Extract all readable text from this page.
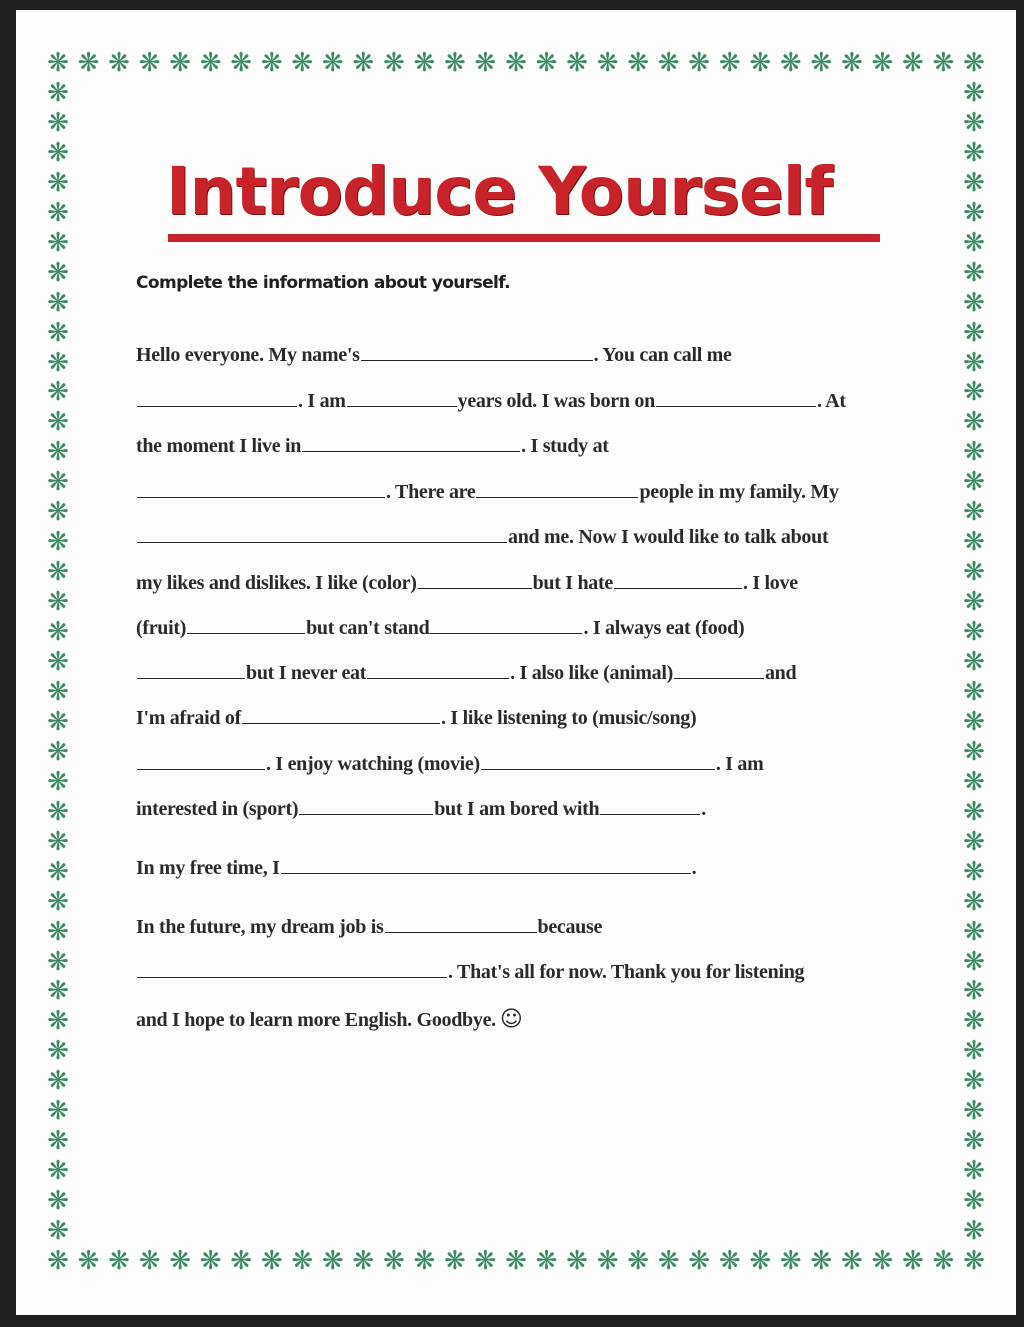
❋ ❋ ❋ ❋ ❋ ❋ ❋ ❋ ❋ ❋ ❋ ❋ ❋ ❋ ❋ ❋ ❋ ❋ ❋ ❋ ❋ ❋ ❋ ❋ ❋ ❋ ❋ ❋ ❋ ❋ ❋
❋ ❋ ❋ ❋ ❋ ❋ ❋ ❋ ❋ ❋ ❋ ❋ ❋ ❋ ❋ ❋ ❋ ❋ ❋ ❋ ❋ ❋ ❋ ❋ ❋ ❋ ❋ ❋ ❋ ❋ ❋
❋
❋
❋
❋
❋
❋
❋
❋
❋
❋
❋
❋
❋
❋
❋
❋
❋
❋
❋
❋
❋
❋
❋
❋
❋
❋
❋
❋
❋
❋
❋
❋
❋
❋
❋
❋
❋
❋
❋
❋
❋
❋
❋
❋
❋
❋
❋
❋
❋
❋
❋
❋
❋
❋
❋
❋
❋
❋
❋
❋
❋
❋
❋
❋
❋
❋
❋
❋
❋
❋
❋
❋
❋
❋
❋
❋
❋
❋
Introduce Yourself

Complete the information about yourself.

Hello everyone. My name's	. You can call me
. I am	years old. I was born on	. At
the moment I live in	. I study at
. There are	people in my family. My
and me. Now I would like to talk about
my likes and dislikes. I like (color)	but I hate	. I love
(fruit)	but can't stand	. I always eat (food)
but I never eat	. I also like (animal)	and
I'm afraid of	. I like listening to (music/song)
. I enjoy watching (movie)	. I am
interested in (sport)	but I am bored with	.
In my free time, I	.
In the future, my dream job is	because
. That's all for now. Thank you for listening
and I hope to learn more English. Goodbye. ☺
